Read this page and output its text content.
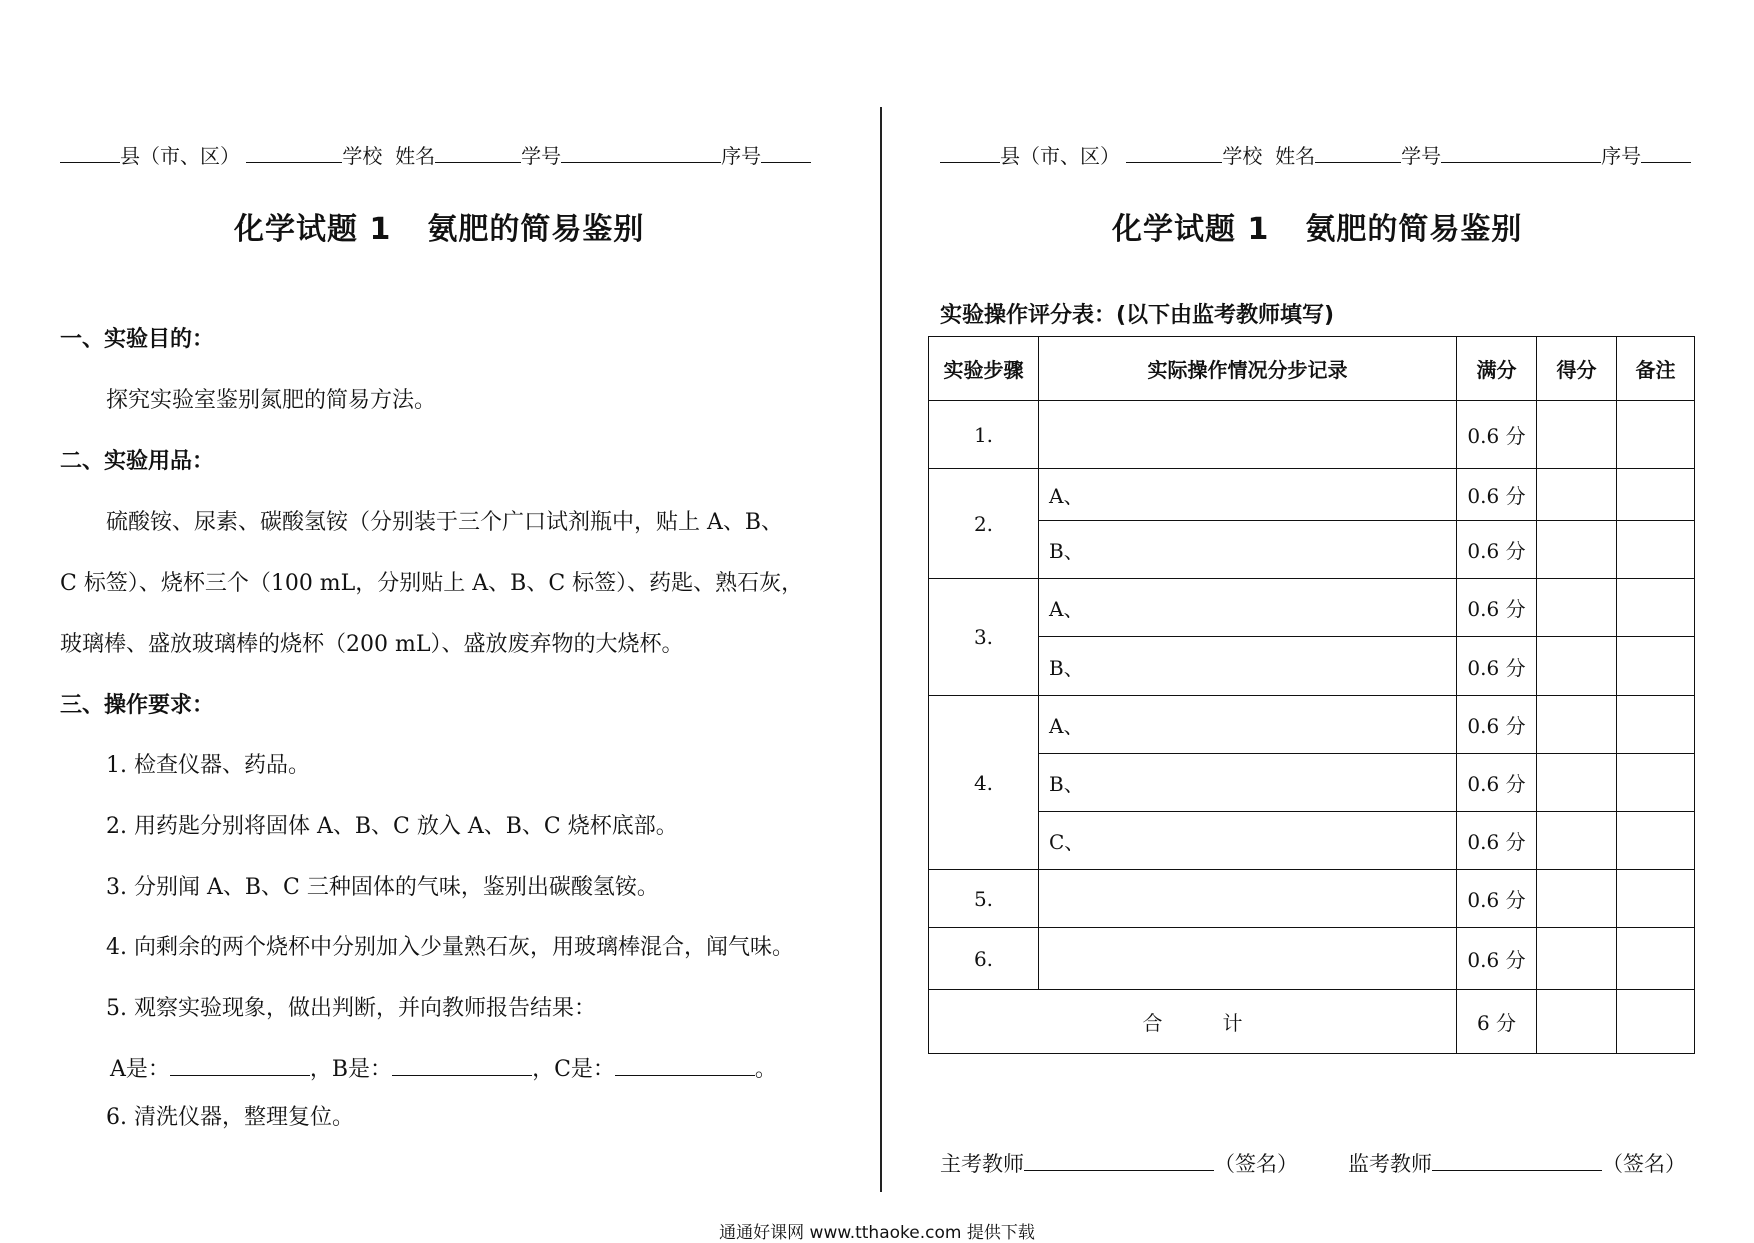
县（市、区）	学校 姓名	学号	序号
化学试题 1 氨肥的简易鉴别
一、实验目的：
探究实验室鉴别氮肥的简易方法。
二、实验用品：
硫酸铵、尿素、碳酸氢铵（分别装于三个广口试剂瓶中，贴上 A、B、
C 标签）、烧杯三个（100 mL，分别贴上 A、B、C 标签）、药匙、熟石灰，
玻璃棒、盛放玻璃棒的烧杯（200 mL）、盛放废弃物的大烧杯。
三、操作要求：
1. 检查仪器、药品。
2. 用药匙分别将固体 A、B、C 放入 A、B、C 烧杯底部。
3. 分别闻 A、B、C 三种固体的气味，鉴别出碳酸氢铵。
4. 向剩余的两个烧杯中分别加入少量熟石灰，用玻璃棒混合，闻气味。
5. 观察实验现象，做出判断，并向教师报告结果：
A是：	，B是：	，C是：	。
6. 清洗仪器，整理复位。
县（市、区）	学校 姓名	学号	序号
化学试题 1 氨肥的简易鉴别
实验操作评分表：(以下由监考教师填写)
实验步骤	实际操作情况分步记录	满分	得分	备注
1.		0.6 分		
2.	A、	0.6 分		
	B、	0.6 分		
3.	A、	0.6 分		
	B、	0.6 分		
4.	A、	0.6 分		
	B、	0.6 分		
	C、	0.6 分		
5.		0.6 分		
6.		0.6 分		
合　　　计		6 分		
主考教师	（签名） 监考教师	（签名）
通通好课网 www.tthaoke.com 提供下载
